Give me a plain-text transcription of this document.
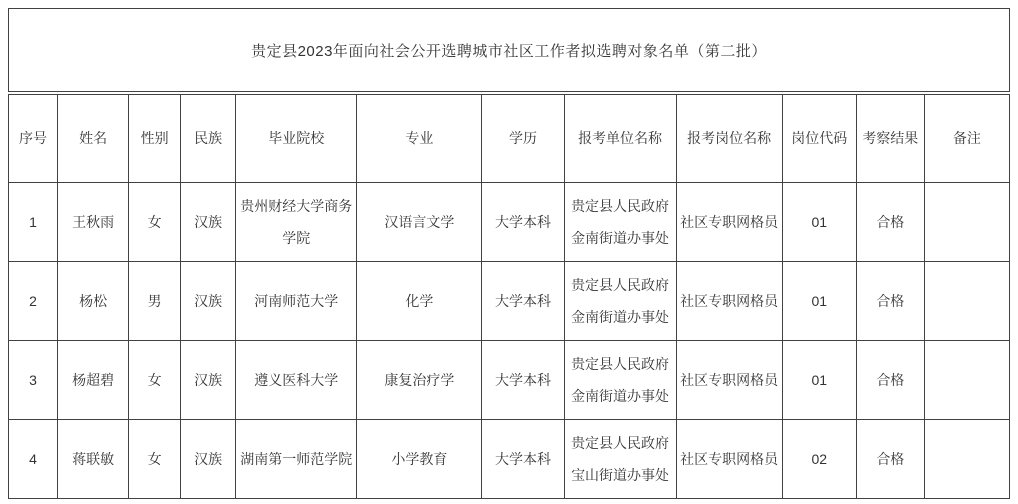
贵定县2023年面向社会公开选聘城市社区工作者拟选聘对象名单（第二批）
序号	姓名	性别	民族	毕业院校	专业	学历	报考单位名称	报考岗位名称	岗位代码	考察结果	备注
1	王秋雨	女	汉族	贵州财经大学商务学院	汉语言文学	大学本科	贵定县人民政府金南街道办事处	社区专职网格员	01	合格	
2	杨松	男	汉族	河南师范大学	化学	大学本科	贵定县人民政府金南街道办事处	社区专职网格员	01	合格	
3	杨超碧	女	汉族	遵义医科大学	康复治疗学	大学本科	贵定县人民政府金南街道办事处	社区专职网格员	01	合格	
4	蒋联敏	女	汉族	湖南第一师范学院	小学教育	大学本科	贵定县人民政府宝山街道办事处	社区专职网格员	02	合格	
